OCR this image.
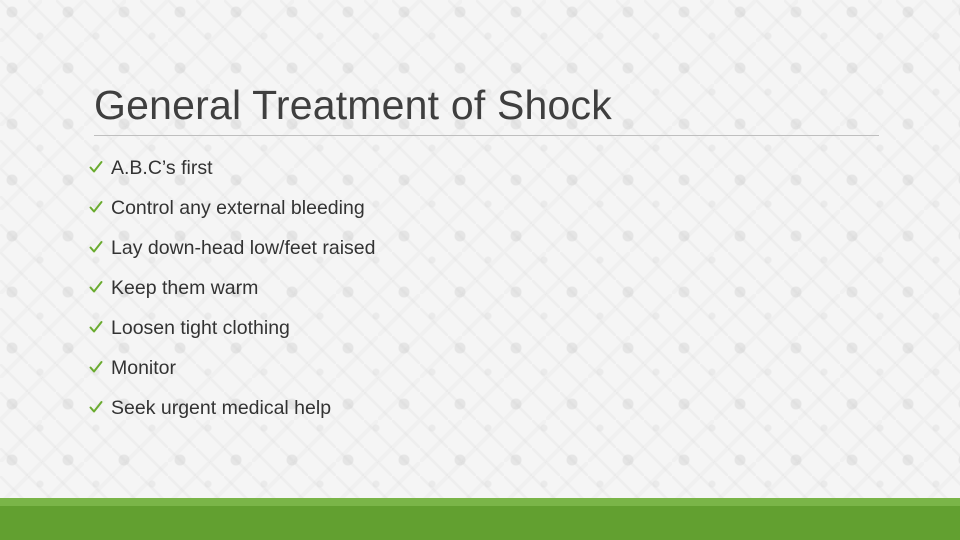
General Treatment of Shock
A.B.C’s first
Control any external bleeding
Lay down-head low/feet raised
Keep them warm
Loosen tight clothing
Monitor
Seek urgent medical help
